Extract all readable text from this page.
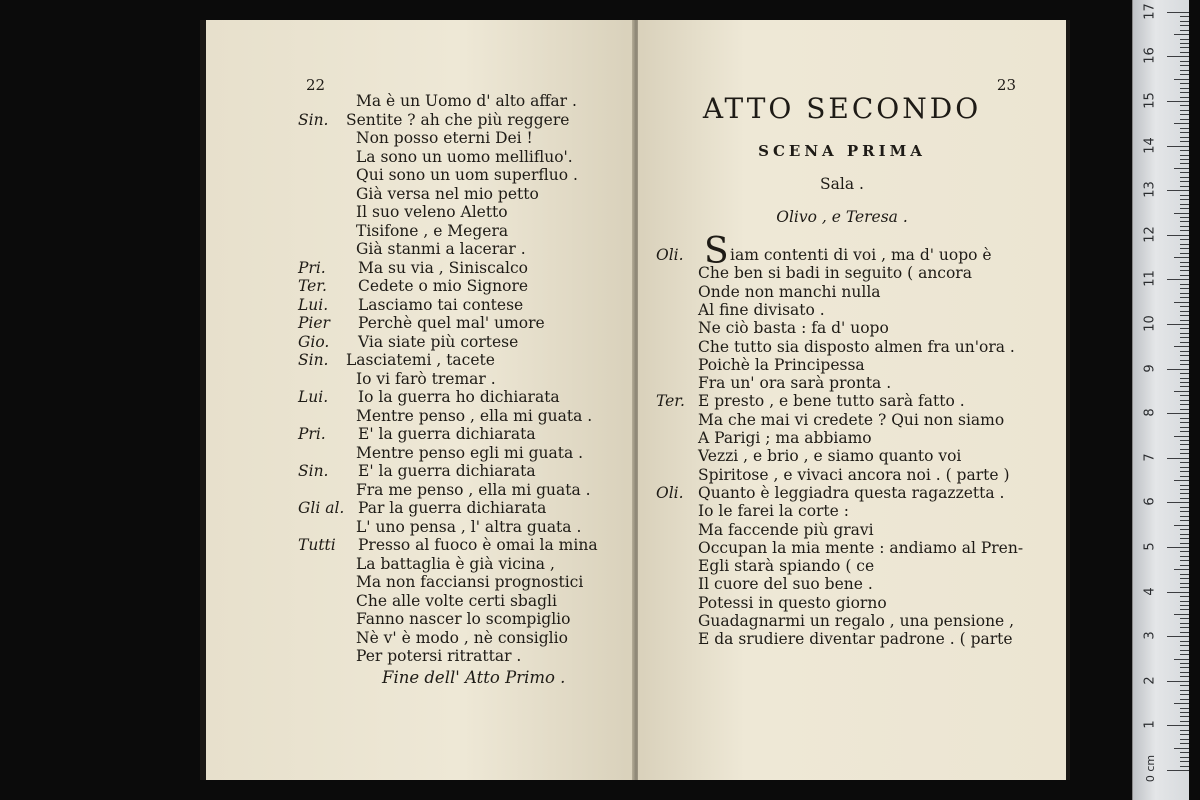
22
Ma è un Uomo d' alto affar .
Sin. Sentite ? ah che più reggere
Non posso eterni Dei !
La sono un uomo mellifluo'.
Qui sono un uom superfluo .
Già versa nel mio petto
Il suo veleno Aletto
Tisifone , e Megera
Già stanmi a lacerar .
Pri. Ma su via , Siniscalco
Ter. Cedete o mio Signore
Lui. Lasciamo tai contese
Pier Perchè quel mal' umore
Gio. Via siate più cortese
Sin. Lasciatemi , tacete
Io vi farò tremar .
Lui. Io la guerra ho dichiarata
Mentre penso , ella mi guata .
Pri. E' la guerra dichiarata
Mentre penso egli mi guata .
Sin. E' la guerra dichiarata
Fra me penso , ella mi guata .
Gli al. Par la guerra dichiarata
L' uno pensa , l' altra guata .
Tutti Presso al fuoco è omai la mina
La battaglia è già vicina ,
Ma non facciansi prognostici
Che alle volte certi sbagli
Fanno nascer lo scompiglio
Nè v' è modo , nè consiglio
Per potersi ritrattar .
Fine dell' Atto Primo .
23
ATTO SECONDO
SCENA PRIMA
Sala .
Olivo , e Teresa .
Oli. S iam contenti di voi , ma d' uopo è
Che ben si badi in seguito ( ancora
Onde non manchi nulla
Al fine divisato .
Ne ciò basta : fa d' uopo
Che tutto sia disposto almen fra un'ora .
Poichè la Principessa
Fra un' ora sarà pronta .
Ter. E presto , e bene tutto sarà fatto .
Ma che mai vi credete ? Qui non siamo
A Parigi ; ma abbiamo
Vezzi , e brio , e siamo quanto voi
Spiritose , e vivaci ancora noi . ( parte )
Oli. Quanto è leggiadra questa ragazzetta .
Io le farei la corte :
Ma faccende più gravi
Occupan la mia mente : andiamo al Pren-
Egli starà spiando ( ce
Il cuore del suo bene .
Potessi in questo giorno
Guadagnarmi un regalo , una pensione ,
E da srudiere diventar padrone . ( parte
0 cm
1
2
3
4
5
6
7
8
9
10
11
12
13
14
15
16
17
